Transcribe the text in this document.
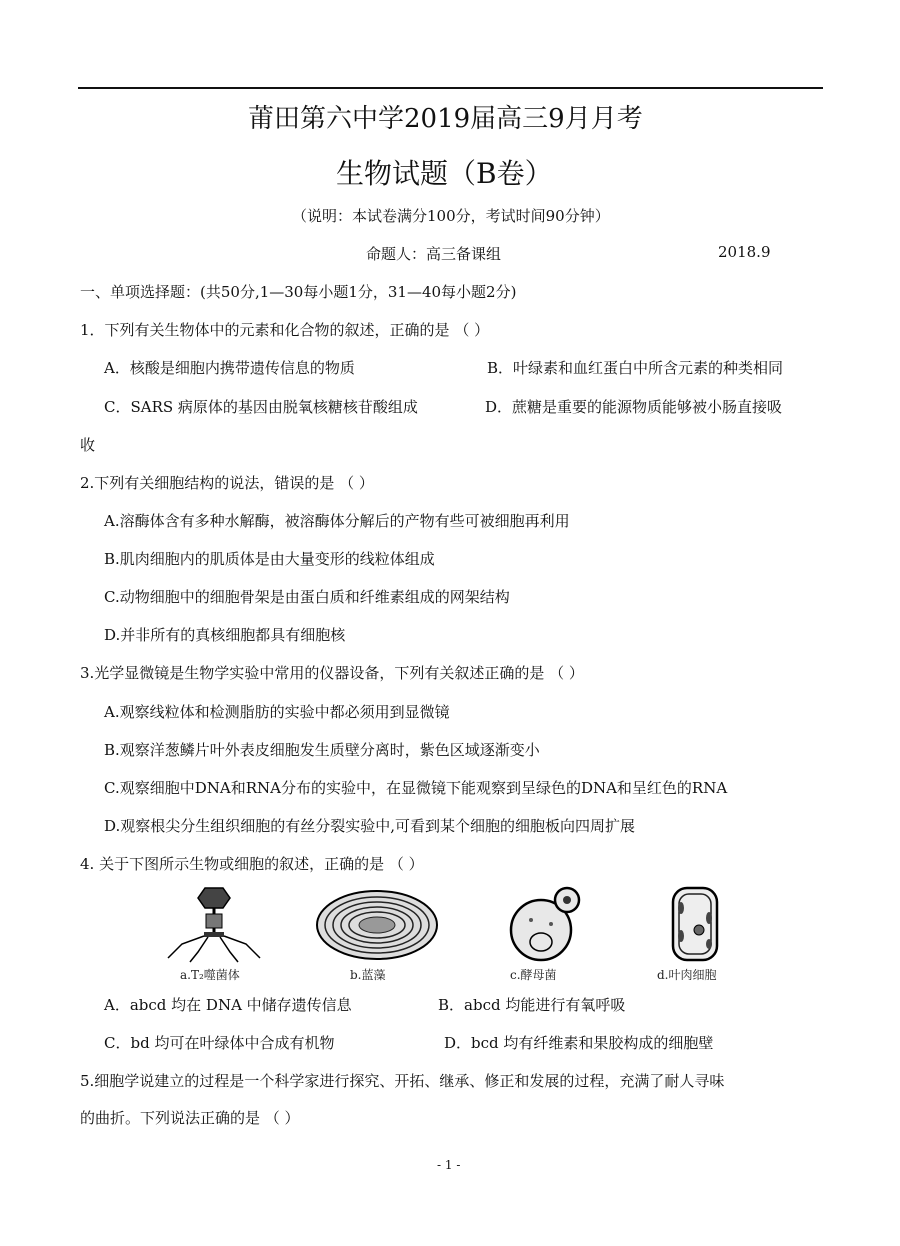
莆田第六中学2019届高三9月月考
生物试题（B卷）
（说明：本试卷满分100分，考试时间90分钟）
命题人：高三备课组	2018.9
一、单项选择题：(共50分,1—30每小题1分，31—40每小题2分)
1．下列有关生物体中的元素和化合物的叙述，正确的是 （ ）
A．核酸是细胞内携带遗传信息的物质	B．叶绿素和血红蛋白中所含元素的种类相同
C．SARS 病原体的基因由脱氧核糖核苷酸组成	D．蔗糖是重要的能源物质能够被小肠直接吸
收
2.下列有关细胞结构的说法，错误的是 （ ）
A.溶酶体含有多种水解酶，被溶酶体分解后的产物有些可被细胞再利用
B.肌肉细胞内的肌质体是由大量变形的线粒体组成
C.动物细胞中的细胞骨架是由蛋白质和纤维素组成的网架结构
D.并非所有的真核细胞都具有细胞核
3.光学显微镜是生物学实验中常用的仪器设备，下列有关叙述正确的是 （ ）
A.观察线粒体和检测脂肪的实验中都必须用到显微镜
B.观察洋葱鳞片叶外表皮细胞发生质壁分离时，紫色区域逐渐变小
C.观察细胞中DNA和RNA分布的实验中，在显微镜下能观察到呈绿色的DNA和呈红色的RNA
D.观察根尖分生组织细胞的有丝分裂实验中,可看到某个细胞的细胞板向四周扩展
4. 关于下图所示生物或细胞的叙述，正确的是 （ ）
a.T₂噬菌体	b.蓝藻	c.酵母菌	d.叶肉细胞
A．abcd 均在 DNA 中储存遗传信息	B．abcd 均能进行有氧呼吸
C．bd 均可在叶绿体中合成有机物	D．bcd 均有纤维素和果胶构成的细胞壁
5.细胞学说建立的过程是一个科学家进行探究、开拓、继承、修正和发展的过程，充满了耐人寻味
的曲折。下列说法正确的是 （ ）
- 1 -
